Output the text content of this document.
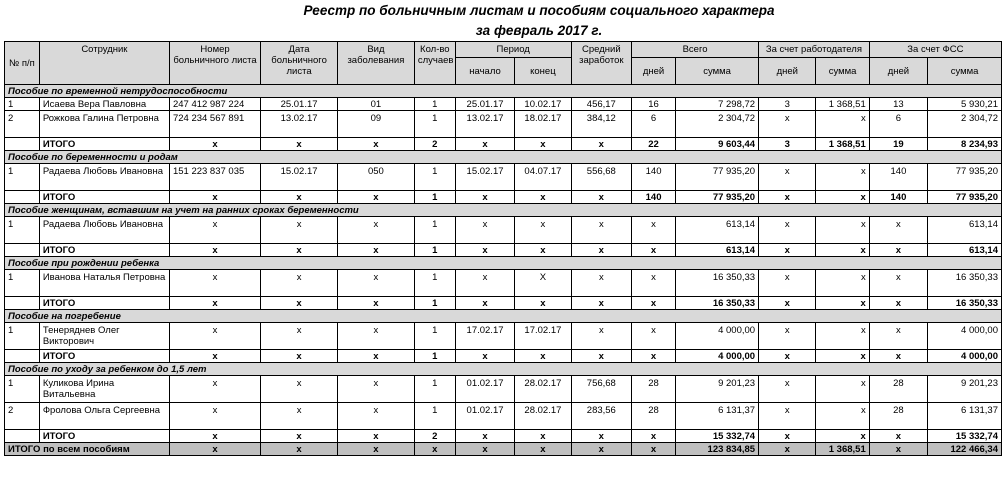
Реестр по больничным листам и пособиям социального характера
за февраль 2017 г.
№ п/п	Сотрудник	Номер больничного листа	Дата больничного листа	Вид заболевания	Кол-во случаев	Период		Средний заработок	Всего		За счет работодателя		За счет ФСС	
						начало	конец		дней	сумма	дней	сумма	дней	сумма
Пособие по временной нетрудоспособности														
1	Исаева Вера Павловна	247 412 987 224	25.01.17	01	1	25.01.17	10.02.17	456,17	16	7 298,72	3	1 368,51	13	5 930,21
2	Рожкова Галина Петровна	724 234 567 891	13.02.17	09	1	13.02.17	18.02.17	384,12	6	2 304,72	х	х	6	2 304,72
	ИТОГО	х	х	х	2	х	х	х	22	9 603,44	3	1 368,51	19	8 234,93
Пособие по беременности и родам														
1	Радаева Любовь Ивановна	151 223 837 035	15.02.17	050	1	15.02.17	04.07.17	556,68	140	77 935,20	х	х	140	77 935,20
	ИТОГО	х	х	х	1	х	х	х	140	77 935,20	х	х	140	77 935,20
Пособие женщинам, вставшим на учет на ранних сроках беременности														
1	Радаева Любовь Ивановна	х	х	х	1	х	х	х	х	613,14	х	х	х	613,14
	ИТОГО	х	х	х	1	х	х	х	х	613,14	х	х	х	613,14
Пособие при рождении ребенка														
1	Иванова Наталья Петровна	х	х	х	1	х	Х	х	х	16 350,33	х	х	х	16 350,33
	ИТОГО	х	х	х	1	х	х	х	х	16 350,33	х	х	х	16 350,33
Пособие на погребение														
1	Тенеряднев Олег Викторович	х	х	х	1	17.02.17	17.02.17	х	х	4 000,00	х	х	х	4 000,00
	ИТОГО	х	х	х	1	х	х	х	х	4 000,00	х	х	х	4 000,00
Пособие по уходу за ребенком до 1,5 лет														
1	Куликова Ирина Витальевна	х	х	х	1	01.02.17	28.02.17	756,68	28	9 201,23	х	х	28	9 201,23
2	Фролова Ольга Сергеевна	х	х	х	1	01.02.17	28.02.17	283,56	28	6 131,37	х	х	28	6 131,37
	ИТОГО	х	х	х	2	х	х	х	х	15 332,74	х	х	х	15 332,74
ИТОГО по всем пособиям		х	х	х	х	х	х	х	х	123 834,85	х	1 368,51	х	122 466,34
